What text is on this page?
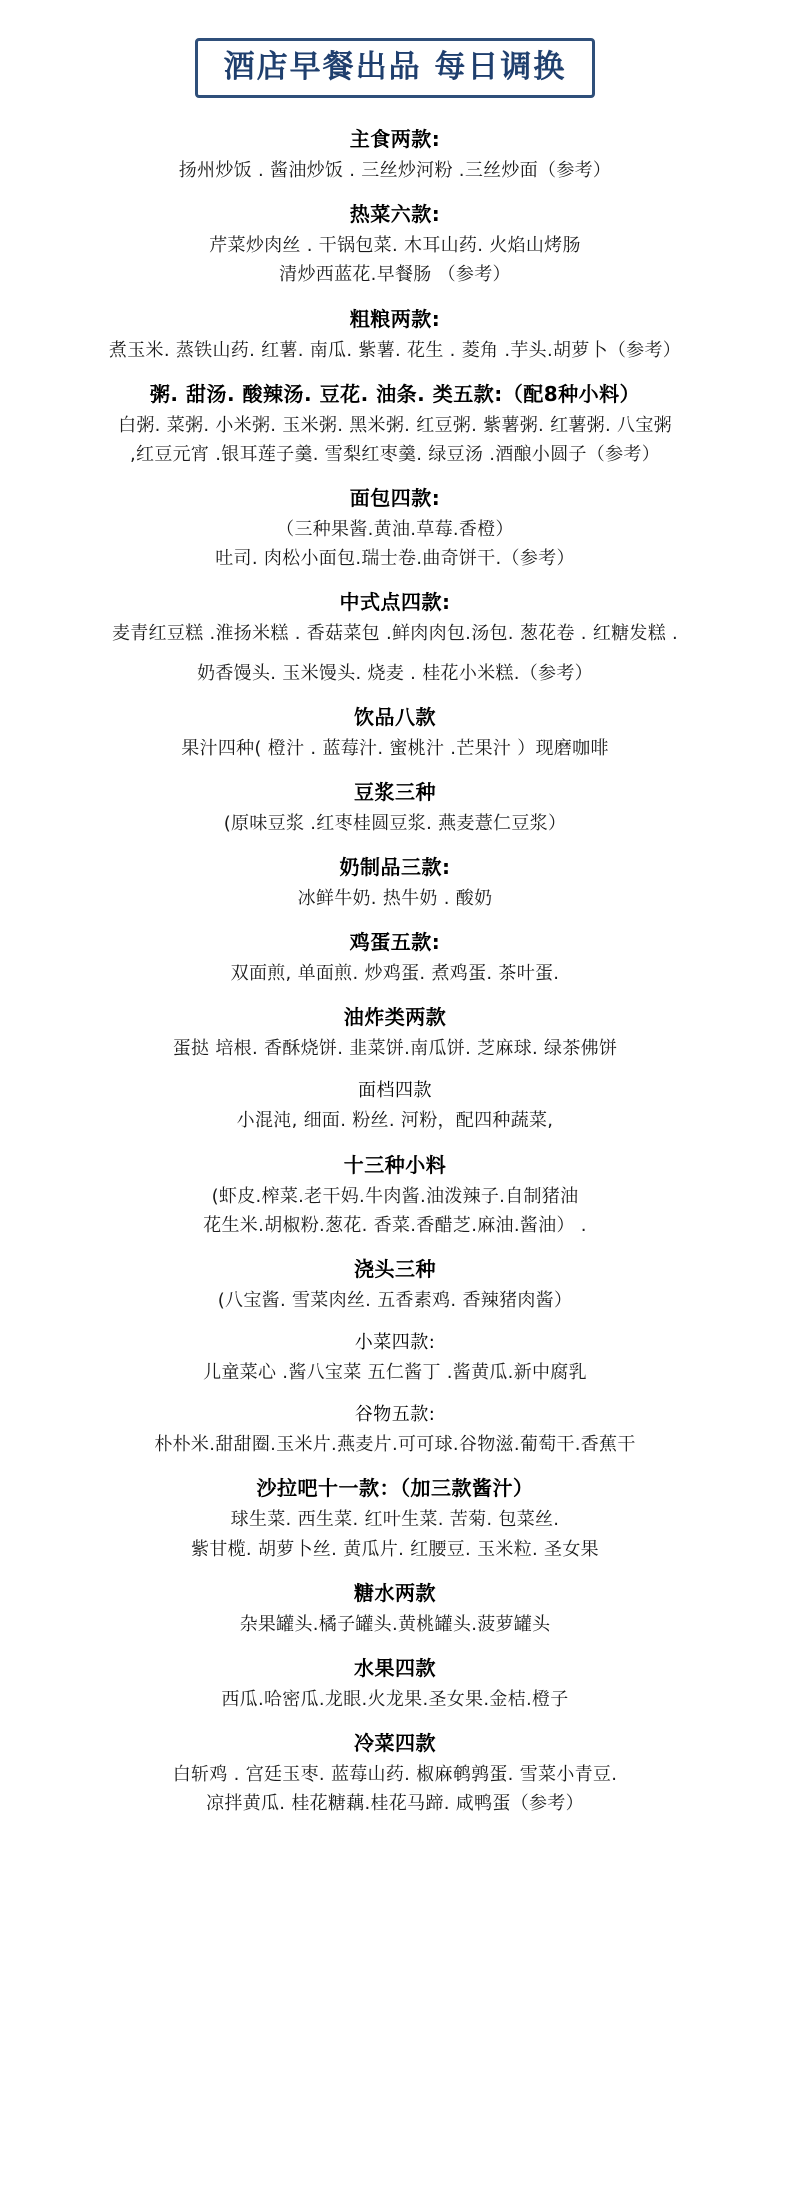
酒店早餐出品 每日调换
主食两款:
扬州炒饭 . 酱油炒饭 . 三丝炒河粉 .三丝炒面（参考）
热菜六款:
芹菜炒肉丝 . 干锅包菜. 木耳山药. 火焰山烤肠
清炒西蓝花.早餐肠 （参考）
粗粮两款:
煮玉米. 蒸铁山药. 红薯. 南瓜. 紫薯. 花生 . 菱角 .芋头.胡萝卜（参考）
粥. 甜汤. 酸辣汤. 豆花. 油条. 类五款:（配8种小料）
白粥. 菜粥. 小米粥. 玉米粥. 黑米粥. 红豆粥. 紫薯粥. 红薯粥. 八宝粥
,红豆元宵 .银耳莲子羹. 雪梨红枣羹. 绿豆汤 .酒酿小圆子（参考）
面包四款:
（三种果酱.黄油.草莓.香橙）
吐司. 肉松小面包.瑞士卷.曲奇饼干.（参考）
中式点四款:
麦青红豆糕 .淮扬米糕 . 香菇菜包 .鲜肉肉包.汤包. 葱花卷 . 红糖发糕 .
奶香馒头. 玉米馒头. 烧麦 . 桂花小米糕.（参考）
饮品八款
果汁四种( 橙汁 . 蓝莓汁. 蜜桃汁 .芒果汁 ）现磨咖啡
豆浆三种
(原味豆浆 .红枣桂圆豆浆. 燕麦薏仁豆浆）
奶制品三款:
冰鲜牛奶. 热牛奶 . 酸奶
鸡蛋五款:
双面煎, 单面煎. 炒鸡蛋. 煮鸡蛋. 茶叶蛋.
油炸类两款
蛋挞 培根. 香酥烧饼. 韭菜饼.南瓜饼. 芝麻球. 绿茶佛饼
面档四款
小混沌, 细面. 粉丝. 河粉，配四种蔬菜,
十三种小料
(虾皮.榨菜.老干妈.牛肉酱.油泼辣子.自制猪油
花生米.胡椒粉.葱花. 香菜.香醋芝.麻油.酱油） .
浇头三种
(八宝酱. 雪菜肉丝. 五香素鸡. 香辣猪肉酱）
小菜四款:
儿童菜心 .酱八宝菜 五仁酱丁 .酱黄瓜.新中腐乳
谷物五款:
朴朴米.甜甜圈.玉米片.燕麦片.可可球.谷物滋.葡萄干.香蕉干
沙拉吧十一款：（加三款酱汁）
球生菜. 西生菜. 红叶生菜. 苦菊. 包菜丝.
紫甘榄. 胡萝卜丝. 黄瓜片. 红腰豆. 玉米粒. 圣女果
糖水两款
杂果罐头.橘子罐头.黄桃罐头.菠萝罐头
水果四款
西瓜.哈密瓜.龙眼.火龙果.圣女果.金桔.橙子
冷菜四款
白斩鸡 . 宫廷玉枣. 蓝莓山药. 椒麻鹌鹑蛋. 雪菜小青豆.
凉拌黄瓜. 桂花糖藕.桂花马蹄. 咸鸭蛋（参考）
